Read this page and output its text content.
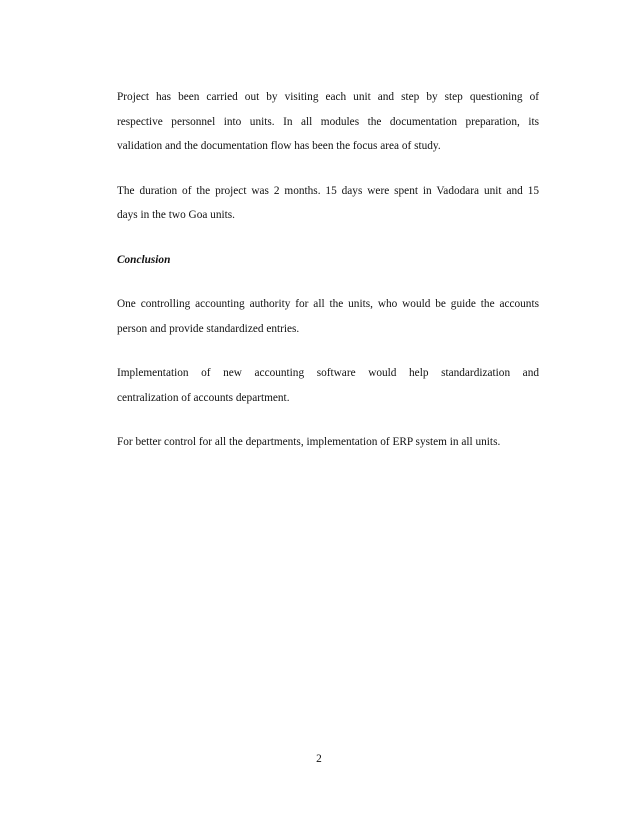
Project has been carried out by visiting each unit and step by step questioning of
respective personnel into units. In all modules the documentation preparation, its
validation and the documentation flow has been the focus area of study.

The duration of the project was 2 months. 15 days were spent in Vadodara unit and 15
days in the two Goa units.

Conclusion

One controlling accounting authority for all the units, who would be guide the accounts
person and provide standardized entries.

Implementation of new accounting software would help standardization and
centralization of accounts department.

For better control for all the departments, implementation of ERP system in all units.

2
